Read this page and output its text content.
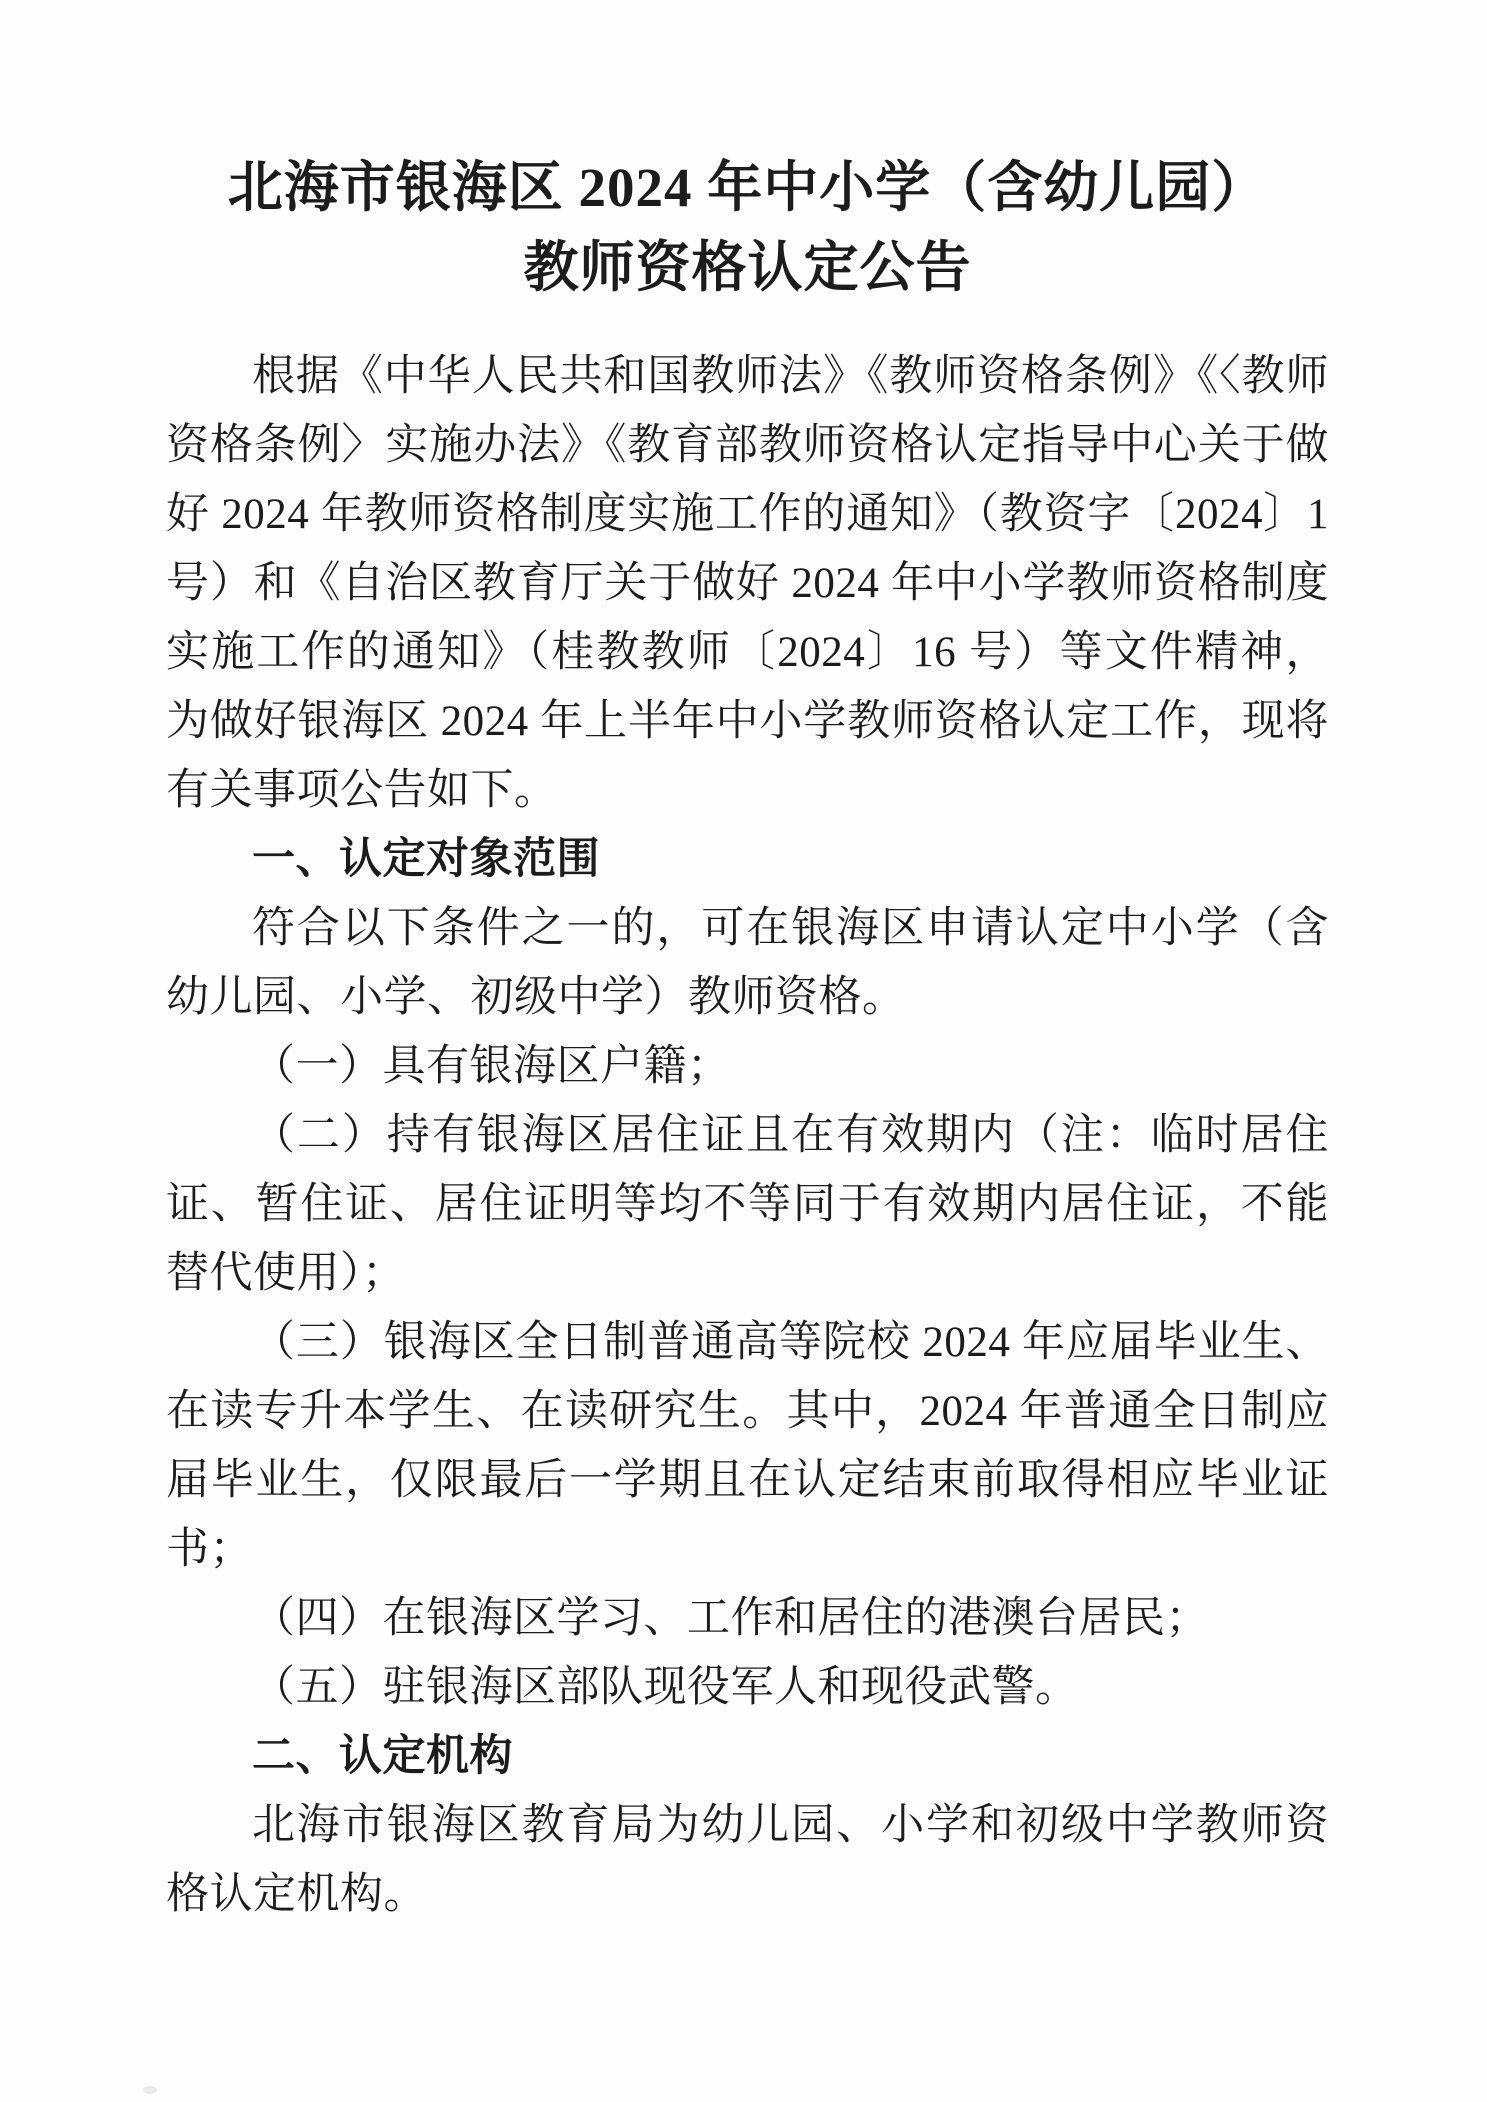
北海市银海区 2024 年中小学（含幼儿园）
教师资格认定公告

根据《中华人民共和国教师法》《教师资格条例》《〈教师资格条例〉实施办法》《教育部教师资格认定指导中心关于做好 2024 年教师资格制度实施工作的通知》（教资字〔2024〕1 号）和《自治区教育厅关于做好 2024 年中小学教师资格制度实施工作的通知》（桂教教师〔2024〕16 号）等文件精神，为做好银海区 2024 年上半年中小学教师资格认定工作，现将有关事项公告如下。

一、认定对象范围

符合以下条件之一的，可在银海区申请认定中小学（含幼儿园、小学、初级中学）教师资格。

（一）具有银海区户籍；

（二）持有银海区居住证且在有效期内（注：临时居住证、暂住证、居住证明等均不等同于有效期内居住证，不能替代使用）；

（三）银海区全日制普通高等院校 2024 年应届毕业生、在读专升本学生、在读研究生。其中，2024 年普通全日制应届毕业生，仅限最后一学期且在认定结束前取得相应毕业证书；

（四）在银海区学习、工作和居住的港澳台居民；

（五）驻银海区部队现役军人和现役武警。

二、认定机构

北海市银海区教育局为幼儿园、小学和初级中学教师资格认定机构。
